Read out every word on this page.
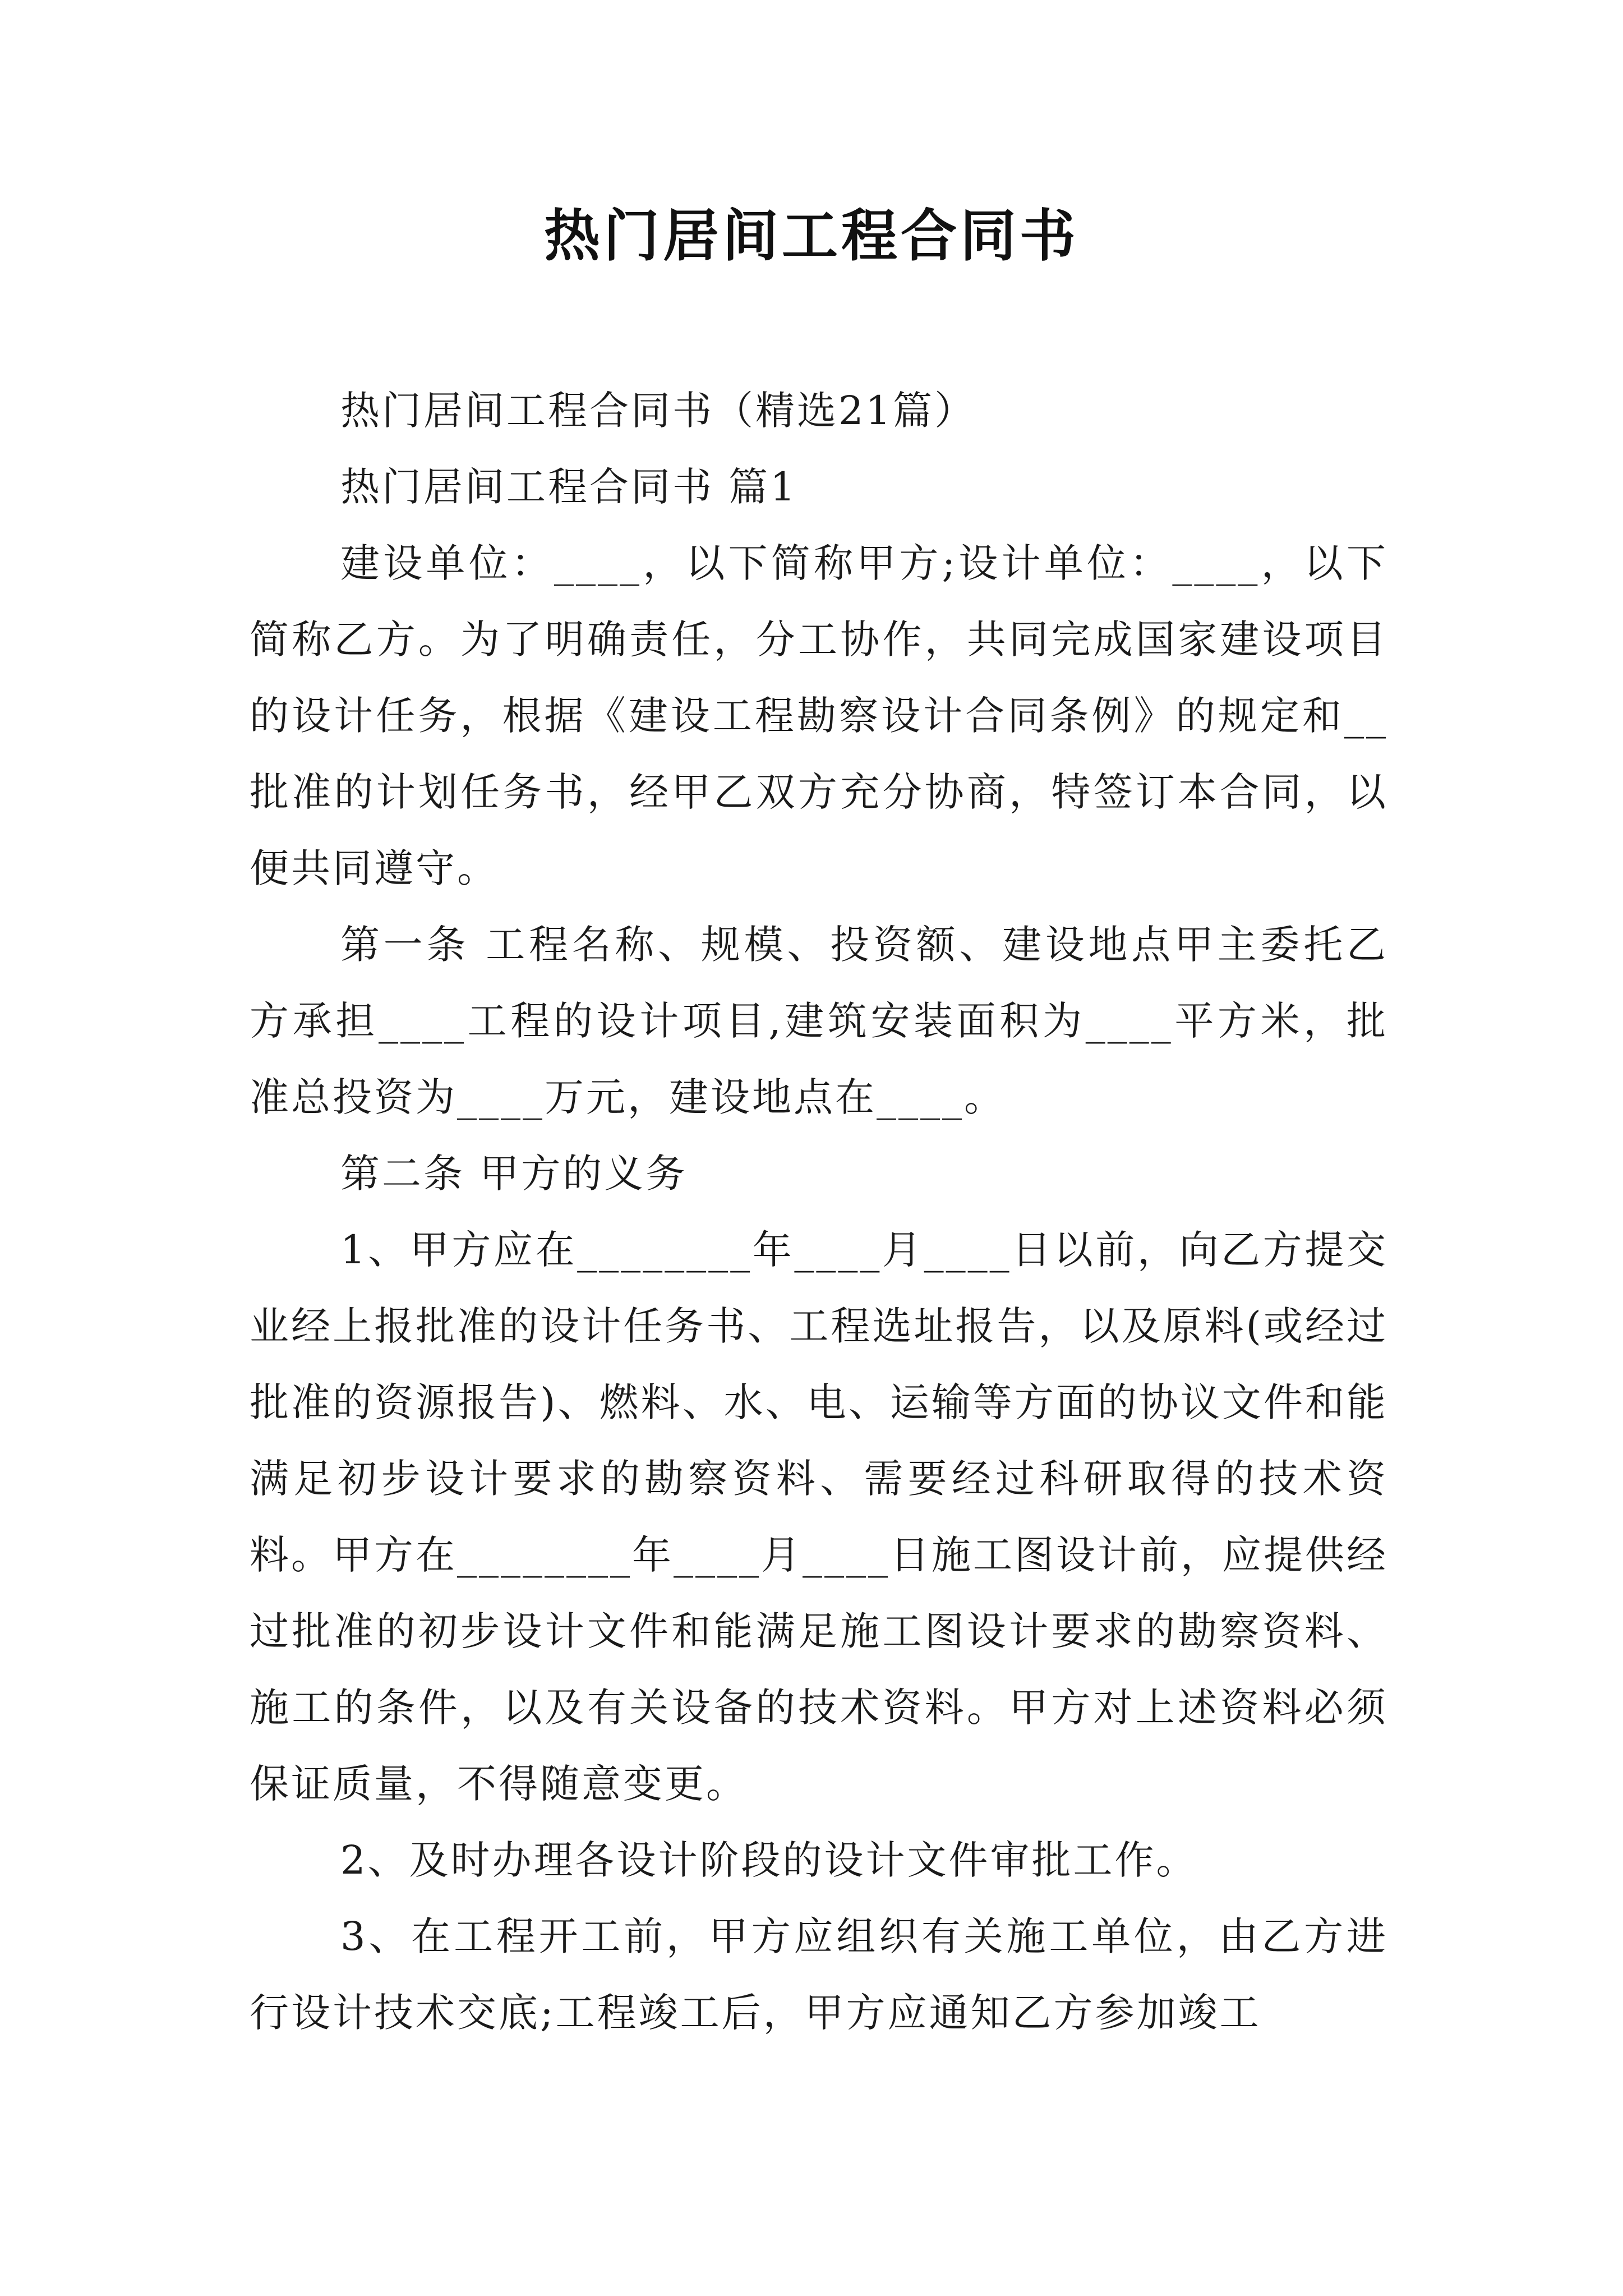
热门居间工程合同书

热门居间工程合同书（精选21篇）

热门居间工程合同书 篇1

建设单位：____，以下简称甲方;设计单位：____，以下简称乙方。为了明确责任，分工协作，共同完成国家建设项目的设计任务，根据《建设工程勘察设计合同条例》的规定和__批准的计划任务书，经甲乙双方充分协商，特签订本合同，以便共同遵守。

第一条 工程名称、规模、投资额、建设地点甲主委托乙方承担____工程的设计项目,建筑安装面积为____平方米，批准总投资为____万元，建设地点在____。

第二条 甲方的义务

1、甲方应在________年____月____日以前，向乙方提交业经上报批准的设计任务书、工程选址报告，以及原料(或经过批准的资源报告)、燃料、水、电、运输等方面的协议文件和能满足初步设计要求的勘察资料、需要经过科研取得的技术资料。甲方在________年____月____日施工图设计前，应提供经过批准的初步设计文件和能满足施工图设计要求的勘察资料、施工的条件，以及有关设备的技术资料。甲方对上述资料必须保证质量，不得随意变更。

2、及时办理各设计阶段的设计文件审批工作。

3、在工程开工前，甲方应组织有关施工单位，由乙方进行设计技术交底;工程竣工后，甲方应通知乙方参加竣工
